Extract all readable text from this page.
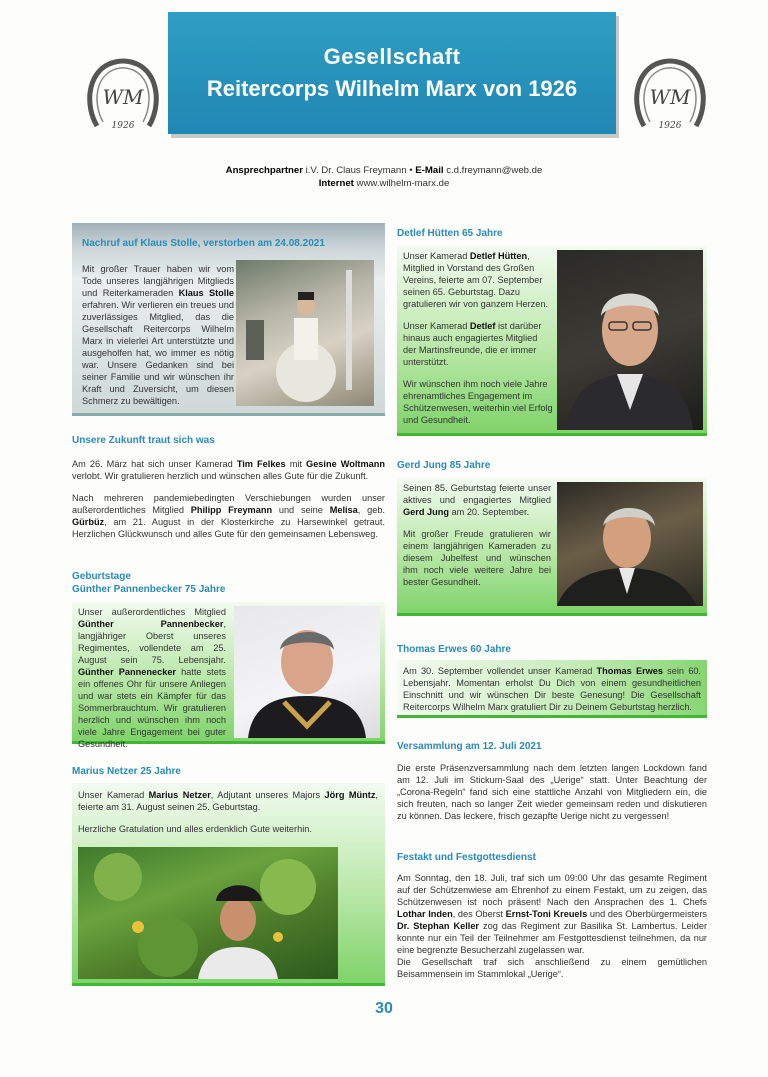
WM
1926
WM
1926
Gesellschaft
Reitercorps Wilhelm Marx von 1926
Ansprechpartner i.V. Dr. Claus Freymann • E-Mail c.d.freymann@web.de
Internet www.wilhelm-marx.de
Nachruf auf Klaus Stolle, verstorben am 24.08.2021
Mit großer Trauer haben wir vom Tode unseres langjährigen Mitglieds und Reiterkameraden Klaus Stolle erfahren. Wir verlieren ein treues und zuverlässiges Mitglied, das die Gesellschaft Reitercorps Wilhelm Marx in vielerlei Art unterstützte und ausgeholfen hat, wo immer es nötig war. Unsere Gedanken sind bei seiner Familie und wir wünschen ihr Kraft und Zuversicht, um diesen Schmerz zu bewältigen.
Unsere Zukunft traut sich was

Am 26. März hat sich unser Kamerad Tim Felkes mit Gesine Woltmann verlobt. Wir gratulieren herzlich und wünschen alles Gute für die Zukunft.

Nach mehreren pandemiebedingten Verschiebungen wurden unser außerordentliches Mitglied Philipp Freymann und seine Melisa, geb. Gürbüz, am 21. August in der Klosterkirche zu Harsewinkel getraut. Herzlichen Glückwunsch und alles Gute für den gemeinsamen Lebensweg.

Geburtstage
Günther Pannenbecker 75 Jahre
Unser außerordentliches Mitglied Günther Pannenbecker, langjähriger Oberst unseres Regimentes, vollendete am 25. August sein 75. Lebensjahr. Günther Pannenecker hatte stets ein offenes Ohr für unsere Anliegen und war stets ein Kämpfer für das Sommerbrauchtum. Wir gratulieren herzlich und wünschen ihm noch viele Jahre Engagement bei guter Gesundheit.
Marius Netzer 25 Jahre

Unser Kamerad Marius Netzer, Adjutant unseres Majors Jörg Müntz, feierte am 31. August seinen 25. Geburtstag.

Herzliche Gratulation und alles erdenklich Gute weiterhin.

Detlef Hütten 65 Jahre

Unser Kamerad Detlef Hütten, Mitglied in Vorstand des Großen Vereins, feierte am 07. September seinen 65. Geburtstag. Dazu gratulieren wir von ganzem Herzen.

Unser Kamerad Detlef ist darüber hinaus auch engagiertes Mitglied der Martinsfreunde, die er immer unterstützt.

Wir wünschen ihm noch viele Jahre ehrenamtliches Engagement im Schützenwesen, weiterhin viel Erfolg und Gesundheit.

Gerd Jung 85 Jahre

Seinen 85. Geburtstag feierte unser aktives und engagiertes Mitglied Gerd Jung am 20. September.

Mit großer Freude gratulieren wir einem langjährigen Kameraden zu diesem Jubelfest und wünschen ihm noch viele weitere Jahre bei bester Gesundheit.

Thomas Erwes 60 Jahre
Am 30. September vollendet unser Kamerad Thomas Erwes sein 60. Lebensjahr. Momentan erholst Du Dich von einem gesundheitlichen Einschnitt und wir wünschen Dir beste Genesung! Die Gesellschaft Reitercorps Wilhelm Marx gratuliert Dir zu Deinem Geburtstag herzlich.
Versammlung am 12. Juli 2021
Die erste Präsenzversammlung nach dem letzten langen Lockdown fand am 12. Juli im Stickum-Saal des „Uerige“ statt. Unter Beachtung der „Corona-Regeln“ fand sich eine stattliche Anzahl von Mitgliedern ein, die sich freuten, nach so langer Zeit wieder gemeinsam reden und diskutieren zu können. Das leckere, frisch gezapfte Uerige nicht zu vergessen!
Festakt und Festgottesdienst
Am Sonntag, den 18. Juli, traf sich um 09:00 Uhr das gesamte Regiment auf der Schützenwiese am Ehrenhof zu einem Festakt, um zu zeigen, das Schützenwesen ist noch präsent! Nach den Ansprachen des 1. Chefs Lothar Inden, des Oberst Ernst-Toni Kreuels und des Oberbürgermeisters Dr. Stephan Keller zog das Regiment zur Basilika St. Lambertus. Leider konnte nur ein Teil der Teilnehmer am Festgottesdienst teilnehmen, da nur eine begrenzte Besucherzahl zugelassen war.
Die Gesellschaft traf sich anschließend zu einem gemütlichen Beisammensein im Stammlokal „Uerige“.
30
